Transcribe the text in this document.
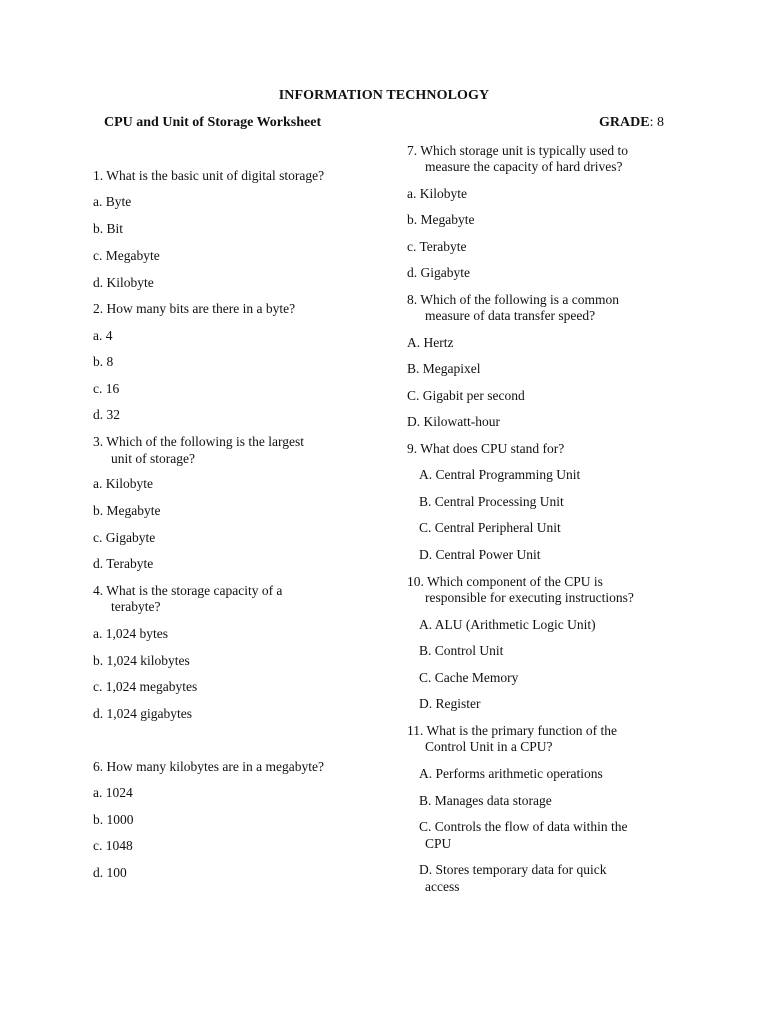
INFORMATION TECHNOLOGY
CPU and Unit of Storage Worksheet	GRADE: 8
1. What is the basic unit of digital storage?
a. Byte
b. Bit
c. Megabyte
d. Kilobyte
2. How many bits are there in a byte?
a. 4
b. 8
c. 16
d. 32
3. Which of the following is the largest
unit of storage?
a. Kilobyte
b. Megabyte
c. Gigabyte
d. Terabyte
4. What is the storage capacity of a
terabyte?
a. 1,024 bytes
b. 1,024 kilobytes
c. 1,024 megabytes
d. 1,024 gigabytes
6. How many kilobytes are in a megabyte?
a. 1024
b. 1000
c. 1048
d. 100
7. Which storage unit is typically used to
measure the capacity of hard drives?
a. Kilobyte
b. Megabyte
c. Terabyte
d. Gigabyte
8. Which of the following is a common
measure of data transfer speed?
A. Hertz
B. Megapixel
C. Gigabit per second
D. Kilowatt-hour
9. What does CPU stand for?
A. Central Programming Unit
B. Central Processing Unit
C. Central Peripheral Unit
D. Central Power Unit
10. Which component of the CPU is
responsible for executing instructions?
A. ALU (Arithmetic Logic Unit)
B. Control Unit
C. Cache Memory
D. Register
11. What is the primary function of the
Control Unit in a CPU?
A. Performs arithmetic operations
B. Manages data storage
C. Controls the flow of data within the
CPU
D. Stores temporary data for quick
access
